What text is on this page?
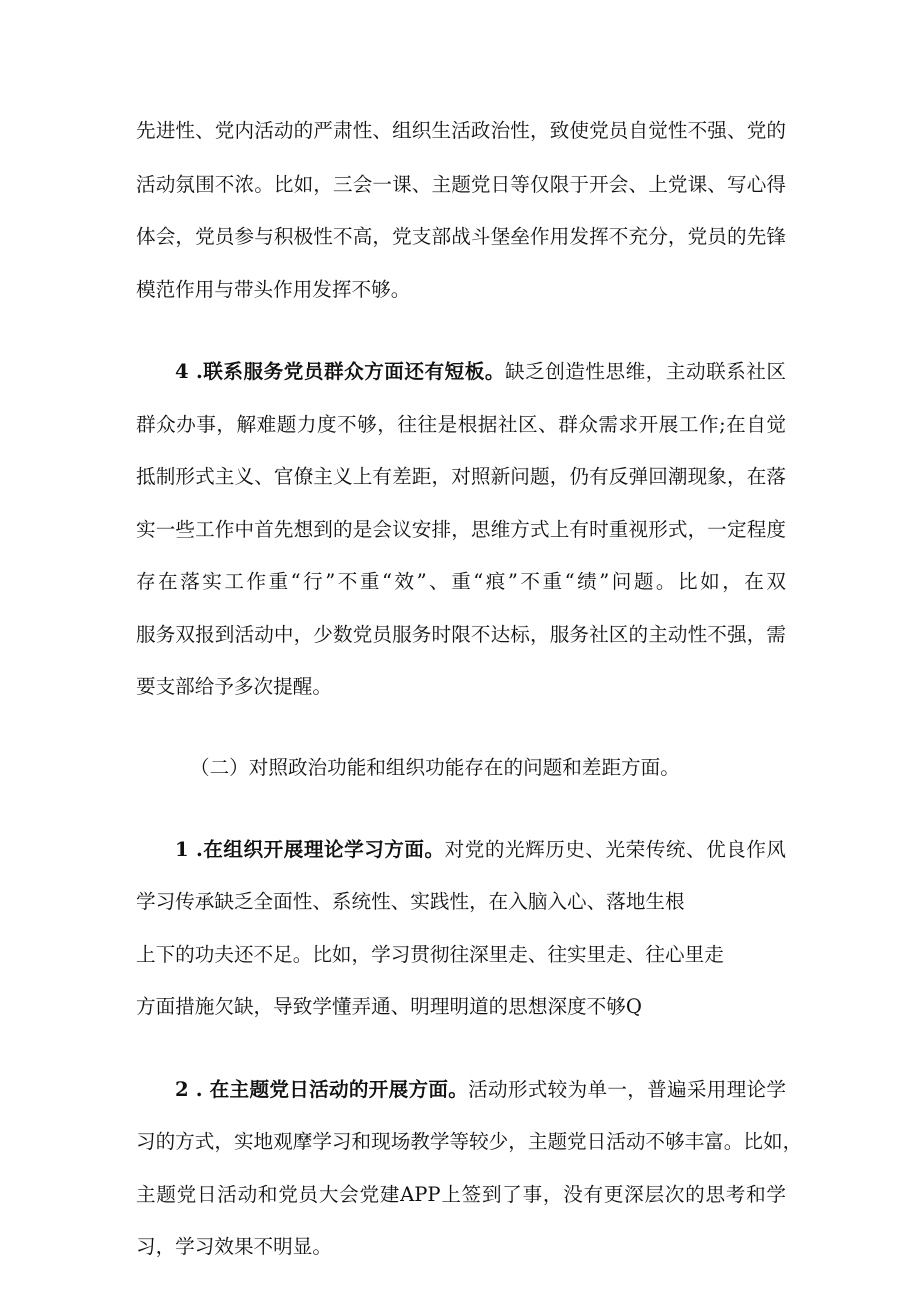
先进性、党内活动的严肃性、组织生活政治性，致使党员自觉性不强、党的
活动氛围不浓。比如，三会一课、主题党日等仅限于开会、上党课、写心得
体会，党员参与积极性不高，党支部战斗堡垒作用发挥不充分，党员的先锋
模范作用与带头作用发挥不够。
4 .联系服务党员群众方面还有短板。缺乏创造性思维，主动联系社区
群众办事，解难题力度不够，往往是根据社区、群众需求开展工作;在自觉
抵制形式主义、官僚主义上有差距，对照新问题，仍有反弹回潮现象，在落
实一些工作中首先想到的是会议安排，思维方式上有时重视形式，一定程度
存在落实工作重“行”不重“效”、重“痕”不重“绩”问题。比如，在双
服务双报到活动中，少数党员服务时限不达标，服务社区的主动性不强，需
要支部给予多次提醒。
（二）对照政治功能和组织功能存在的问题和差距方面。
1 .在组织开展理论学习方面。对党的光辉历史、光荣传统、优良作风
学习传承缺乏全面性、系统性、实践性，在入脑入心、落地生根
上下的功夫还不足。比如，学习贯彻往深里走、往实里走、往心里走
方面措施欠缺，导致学懂弄通、明理明道的思想深度不够Q
2 . 在主题党日活动的开展方面。活动形式较为单一，普遍采用理论学
习的方式，实地观摩学习和现场教学等较少，主题党日活动不够丰富。比如，
主题党日活动和党员大会党建APP上签到了事，没有更深层次的思考和学
习，学习效果不明显。
